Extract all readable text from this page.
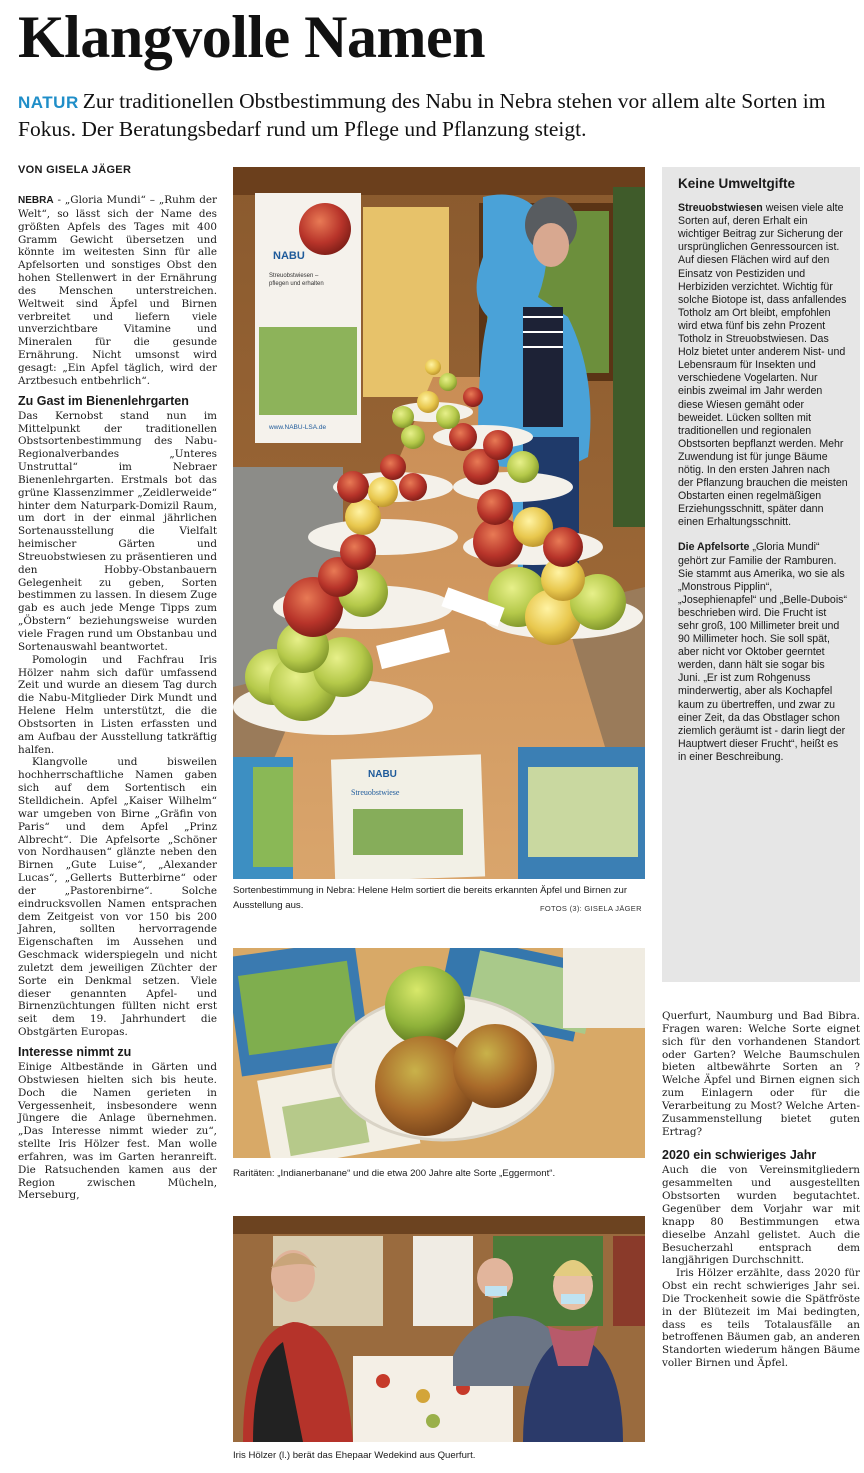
Klangvolle Namen
NATUR Zur traditionellen Obstbestimmung des Nabu in Nebra stehen vor allem alte Sorten im Fokus. Der Beratungsbedarf rund um Pflege und Pflanzung steigt.
VON GISELA JÄGER

NEBRA - „Gloria Mundi“ – „Ruhm der Welt“, so lässt sich der Name des größten Apfels des Tages mit 400 Gramm Gewicht übersetzen und könnte im weitesten Sinn für alle Apfelsorten und sonstiges Obst den hohen Stellenwert in der Ernährung des Menschen unterstreichen. Weltweit sind Äpfel und Birnen verbreitet und liefern viele unverzichtbare Vitamine und Mineralen für die gesunde Ernährung. Nicht umsonst wird gesagt: „Ein Apfel täglich, wird der Arztbesuch entbehrlich“.

Zu Gast im Bienenlehrgarten

Das Kernobst stand nun im Mittelpunkt der traditionellen Obstsortenbestimmung des Nabu-Regionalverbandes „Unteres Unstruttal“ im Nebraer Bienenlehrgarten. Erstmals bot das grüne Klassenzimmer „Zeidlerweide“ hinter dem Naturpark-Domizil Raum, um dort in der einmal jährlichen Sortenausstellung die Vielfalt heimischer Gärten und Streuobstwiesen zu präsentieren und den Hobby-Obstanbauern Gelegenheit zu geben, Sorten bestimmen zu lassen. In diesem Zuge gab es auch jede Menge Tipps zum „Öbstern“ beziehungsweise wurden viele Fragen rund um Obstanbau und Sortenauswahl beantwortet.

Pomologin und Fachfrau Iris Hölzer nahm sich dafür umfassend Zeit und wurde an diesem Tag durch die Nabu-Mitglieder Dirk Mundt und Helene Helm unterstützt, die die Obstsorten in Listen erfassten und am Aufbau der Ausstellung tatkräftig halfen.

Klangvolle und bisweilen hochherrschaftliche Namen gaben sich auf dem Sortentisch ein Stelldichein. Apfel „Kaiser Wilhelm“ war umgeben von Birne „Gräfin von Paris“ und dem Apfel „Prinz Albrecht“. Die Apfelsorte „Schöner von Nordhausen“ glänzte neben den Birnen „Gute Luise“, „Alexander Lucas“, „Gellerts Butterbirne“ oder der „Pastorenbirne“. Solche eindrucksvollen Namen entsprachen dem Zeitgeist von vor 150 bis 200 Jahren, sollten hervorragende Eigenschaften im Aussehen und Geschmack widerspiegeln und nicht zuletzt dem jeweiligen Züchter der Sorte ein Denkmal setzen. Viele dieser genannten Apfel- und Birnenzüchtungen füllten nicht erst seit dem 19. Jahrhundert die Obstgärten Europas.

Interesse nimmt zu

Einige Altbestände in Gärten und Obstwiesen hielten sich bis heute. Doch die Namen gerieten in Vergessenheit, insbesondere wenn Jüngere die Anlage übernehmen. „Das Interesse nimmt wieder zu“, stellte Iris Hölzer fest. Man wolle erfahren, was im Garten heranreift. Die Ratsuchenden kamen aus der Region zwischen Mücheln, Merseburg,

NABU
Streuobstwiesen – pflegen und erhalten
www.NABU-LSA.de
NABU
Streuobstwiese
Sortenbestimmung in Nebra: Helene Helm sortiert die bereits erkannten Äpfel und Birnen zur Ausstellung aus.	FOTOS (3): GISELA JÄGER
Raritäten: „Indianerbanane“ und die etwa 200 Jahre alte Sorte „Eggermont“.
Iris Hölzer (l.) berät das Ehepaar Wedekind aus Querfurt.
Keine Umweltgifte

Streuobstwiesen weisen viele alte Sorten auf, deren Erhalt ein wichtiger Beitrag zur Sicherung der ursprünglichen Genressourcen ist. Auf diesen Flächen wird auf den Einsatz von Pestiziden und Herbiziden verzichtet. Wichtig für solche Biotope ist, dass anfallendes Totholz am Ort bleibt, empfohlen wird etwa fünf bis zehn Prozent Totholz in Streuobstwiesen. Das Holz bietet unter anderem Nist- und Lebensraum für Insekten und verschiedene Vogelarten. Nur einbis zweimal im Jahr werden diese Wiesen gemäht oder beweidet. Lücken sollten mit traditionellen und regionalen Obstsorten bepflanzt werden. Mehr Zuwendung ist für junge Bäume nötig. In den ersten Jahren nach der Pflanzung brauchen die meisten Obstarten einen regelmäßigen Erziehungsschnitt, später dann einen Erhaltungsschnitt.

Die Apfelsorte „Gloria Mundi“ gehört zur Familie der Ramburen. Sie stammt aus Amerika, wo sie als „Monstrous Pipplin“, „Josephienapfel“ und „Belle-Dubois“ beschrieben wird. Die Frucht ist sehr groß, 100 Millimeter breit und 90 Millimeter hoch. Sie soll spät, aber nicht vor Oktober geerntet werden, dann hält sie sogar bis Juni. „Er ist zum Rohgenuss minderwertig, aber als Kochapfel kaum zu übertreffen, und zwar zu einer Zeit, da das Obstlager schon ziemlich geräumt ist - darin liegt der Hauptwert dieser Frucht“, heißt es in einer Beschreibung.

Querfurt, Naumburg und Bad Bibra. Fragen waren: Welche Sorte eignet sich für den vorhandenen Standort oder Garten? Welche Baumschulen bieten altbewährte Sorten an ? Welche Äpfel und Birnen eignen sich zum Einlagern oder für die Verarbeitung zu Most? Welche Arten-Zusammenstellung bietet guten Ertrag?

2020 ein schwieriges Jahr

Auch die von Vereinsmitgliedern gesammelten und ausgestellten Obstsorten wurden begutachtet. Gegenüber dem Vorjahr war mit knapp 80 Bestimmungen etwa dieselbe Anzahl gelistet. Auch die Besucherzahl entsprach dem langjährigen Durchschnitt.

Iris Hölzer erzählte, dass 2020 für Obst ein recht schwieriges Jahr sei. Die Trockenheit sowie die Spätfröste in der Blütezeit im Mai bedingten, dass es teils Totalausfälle an betroffenen Bäumen gab, an anderen Standorten wiederum hängen Bäume voller Birnen und Äpfel.
